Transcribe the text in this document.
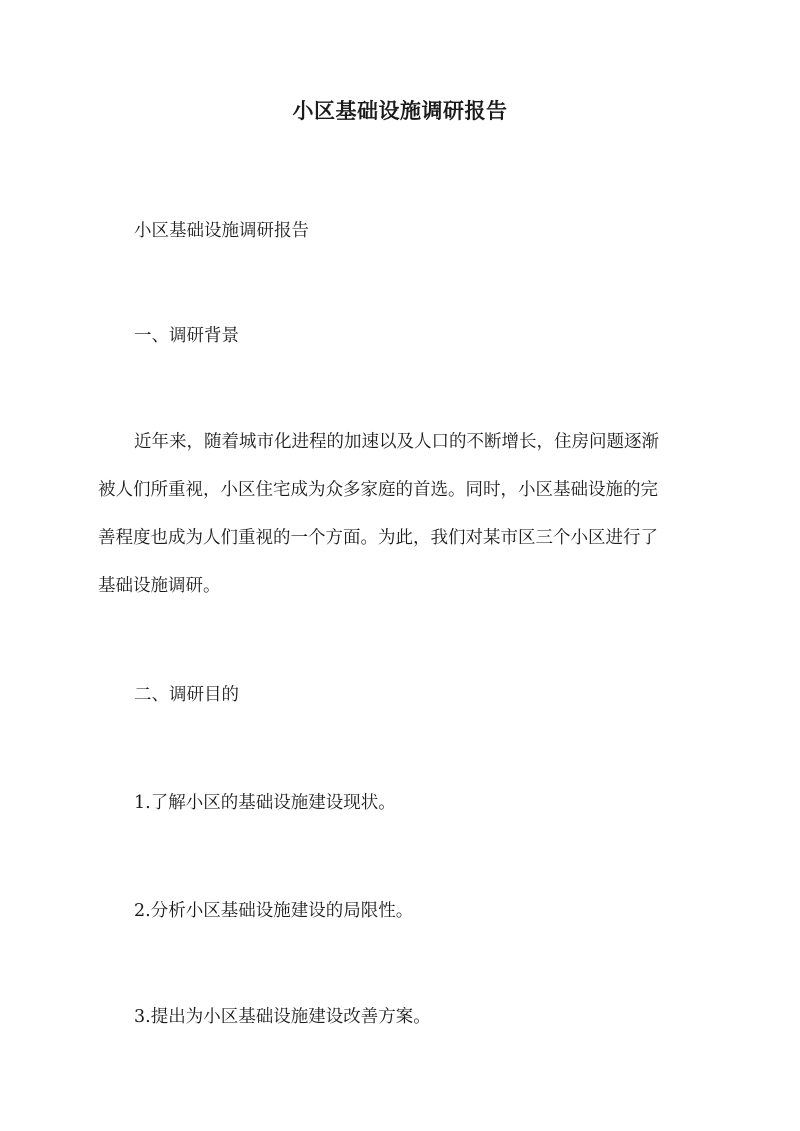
小区基础设施调研报告
小区基础设施调研报告
一、调研背景
近年来，随着城市化进程的加速以及人口的不断增长，住房问题逐渐
被人们所重视，小区住宅成为众多家庭的首选。同时，小区基础设施的完
善程度也成为人们重视的一个方面。为此，我们对某市区三个小区进行了
基础设施调研。
二、调研目的
1.了解小区的基础设施建设现状。
2.分析小区基础设施建设的局限性。
3.提出为小区基础设施建设改善方案。
